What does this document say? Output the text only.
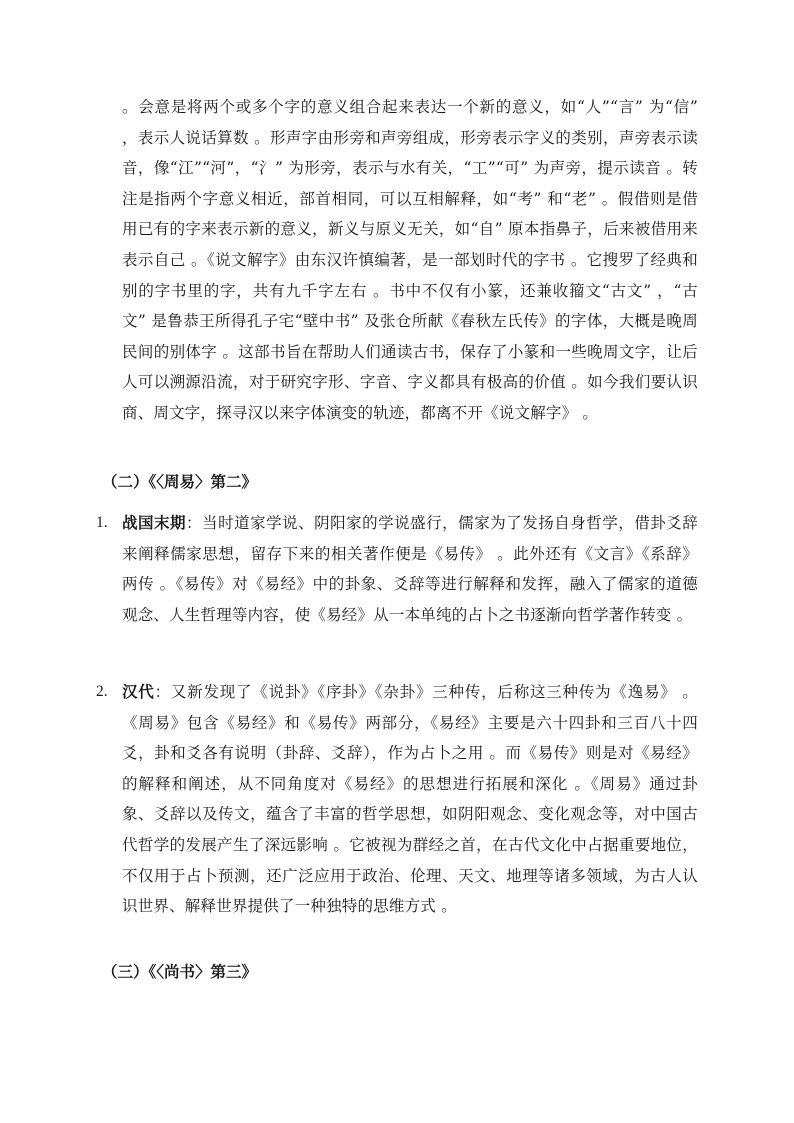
。会意是将两个或多个字的意义组合起来表达一个新的意义，如“人”“言” 为“信” ，表示人说话算数 。形声字由形旁和声旁组成，形旁表示字义的类别，声旁表示读音，像“江”“河”，“氵” 为形旁，表示与水有关，“工”“可” 为声旁，提示读音 。转注是指两个字意义相近，部首相同，可以互相解释，如“考” 和“老” 。假借则是借用已有的字来表示新的意义，新义与原义无关，如“自” 原本指鼻子，后来被借用来表示自己 。《说文解字》由东汉许慎编著，是一部划时代的字书 。它搜罗了经典和别的字书里的字，共有九千字左右 。书中不仅有小篆，还兼收籀文“古文” ，“古文” 是鲁恭王所得孔子宅“壁中书” 及张仓所献《春秋左氏传》的字体，大概是晚周民间的别体字 。这部书旨在帮助人们通读古书，保存了小篆和一些晚周文字，让后人可以溯源沿流，对于研究字形、字音、字义都具有极高的价值 。如今我们要认识商、周文字，探寻汉以来字体演变的轨迹，都离不开《说文解字》 。

（二）《〈周易〉第二》
1. 战国末期：当时道家学说、阴阳家的学说盛行，儒家为了发扬自身哲学，借卦爻辞来阐释儒家思想，留存下来的相关著作便是《易传》 。此外还有《文言》《系辞》两传 。《易传》对《易经》中的卦象、爻辞等进行解释和发挥，融入了儒家的道德观念、人生哲理等内容，使《易经》从一本单纯的占卜之书逐渐向哲学著作转变 。
2. 汉代：又新发现了《说卦》《序卦》《杂卦》三种传，后称这三种传为《逸易》 。《周易》包含《易经》和《易传》两部分，《易经》主要是六十四卦和三百八十四爻，卦和爻各有说明（卦辞、爻辞），作为占卜之用 。而《易传》则是对《易经》的解释和阐述，从不同角度对《易经》的思想进行拓展和深化 。《周易》通过卦象、爻辞以及传文，蕴含了丰富的哲学思想，如阴阳观念、变化观念等，对中国古代哲学的发展产生了深远影响 。它被视为群经之首，在古代文化中占据重要地位，不仅用于占卜预测，还广泛应用于政治、伦理、天文、地理等诸多领域，为古人认识世界、解释世界提供了一种独特的思维方式 。
（三）《〈尚书〉第三》
